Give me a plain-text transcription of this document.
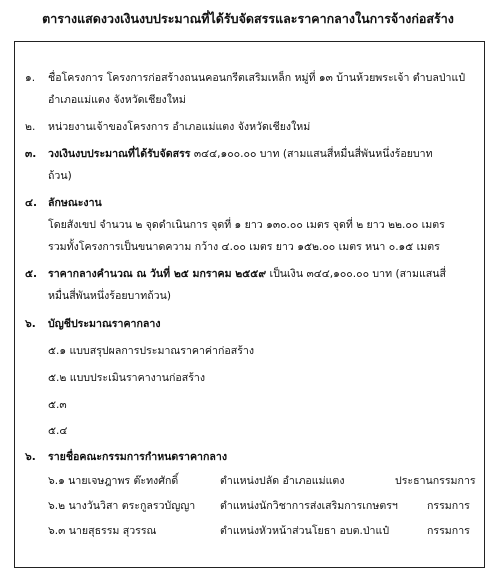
ตารางแสดงวงเงินงบประมาณที่ได้รับจัดสรรและราคากลางในการจ้างก่อสร้าง
๑. ชื่อโครงการ โครงการก่อสร้างถนนคอนกรีตเสริมเหล็ก หมู่ที่ ๑๓ บ้านห้วยพระเจ้า ตำบลป่าแป๋
อำเภอแม่แตง จังหวัดเชียงใหม่
๒. หน่วยงานเจ้าของโครงการ อำเภอแม่แตง จังหวัดเชียงใหม่
๓. วงเงินงบประมาณที่ได้รับจัดสรร ๓๔๔,๑๐๐.๐๐ บาท (สามแสนสี่หมื่นสี่พันหนึ่งร้อยบาท
ถ้วน)
๔. ลักษณะงาน
โดยสังเขป จำนวน ๒ จุดดำเนินการ จุดที่ ๑ ยาว ๑๓๐.๐๐ เมตร จุดที่ ๒ ยาว ๒๒.๐๐ เมตร
รวมทั้งโครงการเป็นขนาดความ กว้าง ๔.๐๐ เมตร ยาว ๑๕๒.๐๐ เมตร หนา ๐.๑๕ เมตร
๕. ราคากลางคำนวณ ณ วันที่ ๒๕ มกราคม ๒๕๕๙ เป็นเงิน ๓๔๔,๑๐๐.๐๐ บาท (สามแสนสี่
หมื่นสี่พันหนึ่งร้อยบาทถ้วน)
๖. บัญชีประมาณราคากลาง
๕.๑ แบบสรุปผลการประมาณราคาค่าก่อสร้าง
๕.๒ แบบประเมินราคางานก่อสร้าง
๕.๓
๕.๔
๖. รายชื่อคณะกรรมการกำหนดราคากลาง
๖.๑ นายเจษฎาพร ต๊ะทงศักดิ์	ตำแหน่งปลัด อำเภอแม่แตง	ประธานกรรมการ
๖.๒ นางวันวิสา ตระกูลรวบัญญา ตำแหน่งนักวิชาการส่งเสริมการเกษตรฯ	กรรมการ
๖.๓ นายสุธรรม สุวรรณ	ตำแหน่งหัวหน้าส่วนโยธา อบต.ป่าแป๋	กรรมการ
